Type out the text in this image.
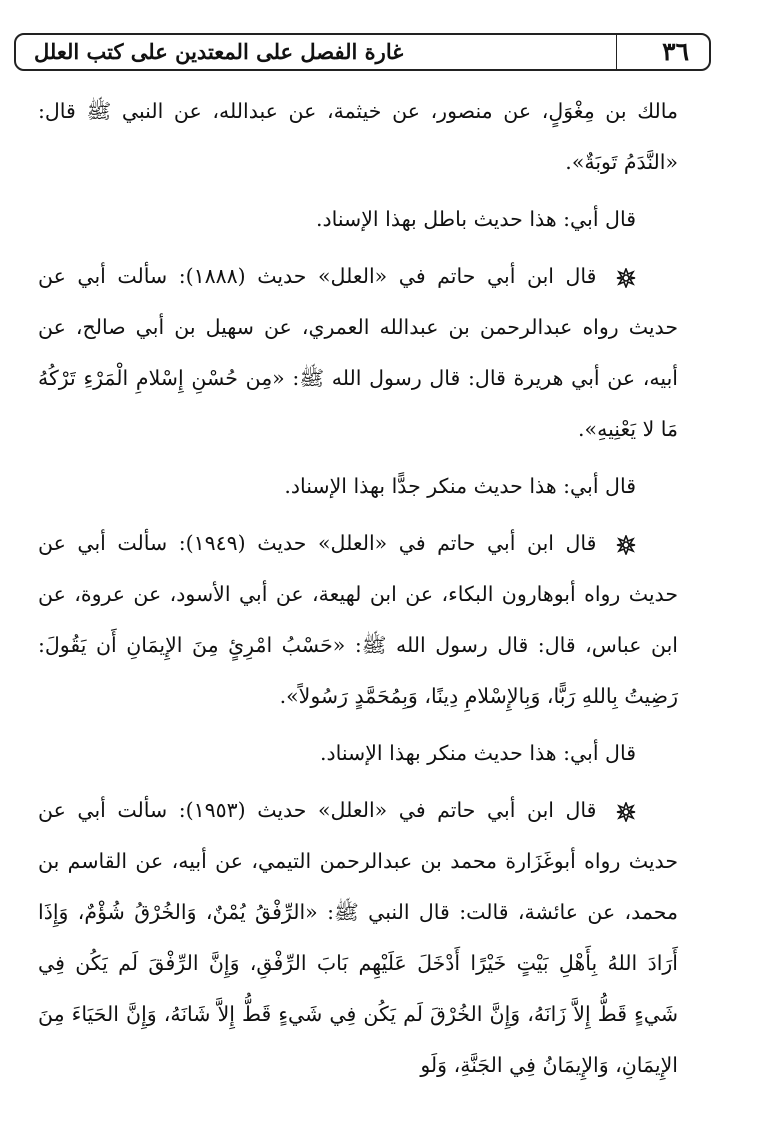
غارة الفصل على المعتدين على كتب العلل	٣٦

مالك بن مِغْوَلٍ، عن منصور، عن خيثمة، عن عبدالله، عن النبي ﷺ قال: «النَّدَمُ تَوبَةٌ».

قال أبي: هذا حديث باطل بهذا الإسناد.

قال ابن أبي حاتم في «العلل» حديث (١٨٨٨): سألت أبي عن حديث رواه عبدالرحمن بن عبدالله العمري، عن سهيل بن أبي صالح، عن أبيه، عن أبي هريرة قال: قال رسول الله ﷺ: «مِن حُسْنِ إِسْلامِ الْمَرْءِ تَرْكُهُ مَا لا يَعْنِيهِ».

قال أبي: هذا حديث منكر جدًّا بهذا الإسناد.

قال ابن أبي حاتم في «العلل» حديث (١٩٤٩): سألت أبي عن حديث رواه أبوهارون البكاء، عن ابن لهيعة، عن أبي الأسود، عن عروة، عن ابن عباس، قال: قال رسول الله ﷺ: «حَسْبُ امْرِئٍ مِنَ الإِيمَانِ أَن يَقُولَ: رَضِيتُ بِاللهِ رَبًّا، وَبِالإِسْلامِ دِينًا، وَبِمُحَمَّدٍ رَسُولاً».

قال أبي: هذا حديث منكر بهذا الإسناد.

قال ابن أبي حاتم في «العلل» حديث (١٩٥٣): سألت أبي عن حديث رواه أبوغَزَارة محمد بن عبدالرحمن التيمي، عن أبيه، عن القاسم بن محمد، عن عائشة، قالت: قال النبي ﷺ: «الرِّفْقُ يُمْنٌ، وَالخُرْقُ شُؤْمٌ، وَإِذَا أَرَادَ اللهُ بِأَهْلِ بَيْتٍ خَيْرًا أَدْخَلَ عَلَيْهِم بَابَ الرِّفْقِ، وَإِنَّ الرِّفْقَ لَم يَكُن فِي شَيءٍ قَطُّ إِلاَّ زَانَهُ، وَإِنَّ الخُرْقَ لَم يَكُن فِي شَيءٍ قَطُّ إِلاَّ شَانَهُ، وَإِنَّ الحَيَاءَ مِنَ الإِيمَانِ، وَالإِيمَانُ فِي الجَنَّةِ، وَلَو
